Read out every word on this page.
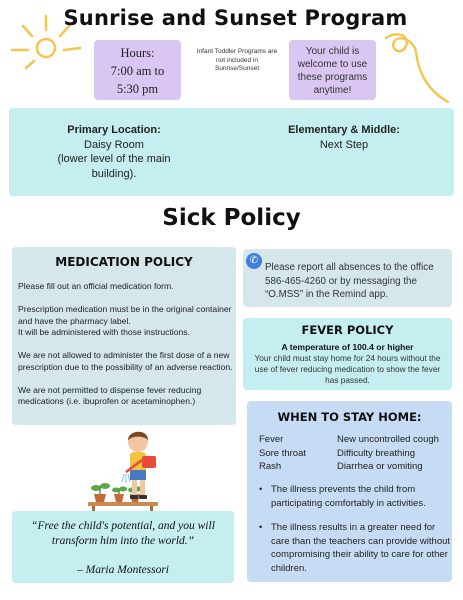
Sunrise and Sunset Program
Hours:
7:00 am to
5:30 pm
Infant Toddler Programs are not included in Sunrise/Sunset
Your child is welcome to use these programs anytime!
Primary Location:
Daisy Room
(lower level of the main
building).
Elementary & Middle:
Next Step
Sick Policy
MEDICATION POLICY

Please fill out an official medication form.

Prescription medication must be in the original container and have the pharmacy label.

It will be administered with those instructions.

We are not allowed to administer the first dose of a new prescription due to the possibility of an adverse reaction.

We are not permitted to dispense fever reducing medications (i.e. ibuprofen or acetaminophen.)

✆
Please report all absences to the office 586-465-4260 or by messaging the “O.MSS” in the Remind app.
FEVER POLICY
A temperature of 100.4 or higher
Your child must stay home for 24 hours without the use of fever reducing medication to show the fever has passed.
WHEN TO STAY HOME:
Fever	New uncontrolled cough
Sore throat	Difficulty breathing
Rash	Diarrhea or vomiting
• The illness prevents the child from participating comfortably in activities.
• The illness results in a greater need for care than the teachers can provide without compromising their ability to care for other children.
“Free the child's potential, and you will transform him into the world.”
– Maria Montessori
